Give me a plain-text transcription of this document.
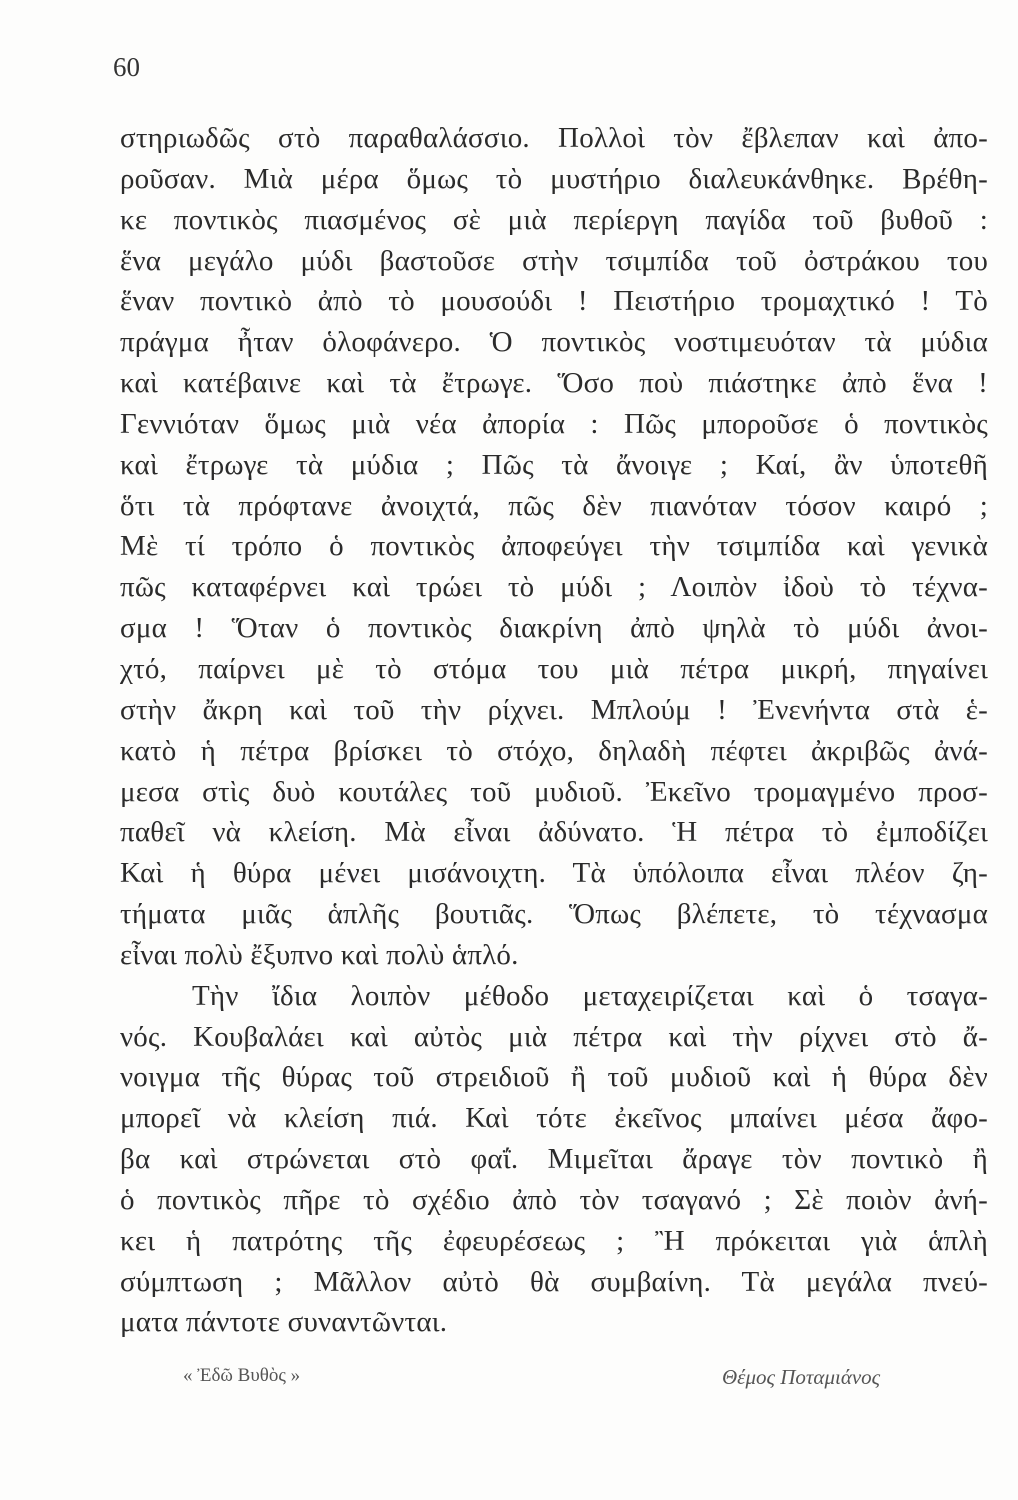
60
στηριωδῶς στὸ παραθαλάσσιο. Πολλοὶ τὸν ἔβλεπαν καὶ ἀπο-
ροῦσαν. Μιὰ μέρα ὅμως τὸ μυστήριο διαλευκάνθηκε. Βρέθη-
κε ποντικὸς πιασμένος σὲ μιὰ περίεργη παγίδα τοῦ βυθοῦ :
ἕνα μεγάλο μύδι βαστοῦσε στὴν τσιμπίδα τοῦ ὀστράκου του
ἕναν ποντικὸ ἀπὸ τὸ μουσούδι ! Πειστήριο τρομαχτικό ! Τὸ
πράγμα ἦταν ὁλοφάνερο. Ὁ ποντικὸς νοστιμευόταν τὰ μύδια
καὶ κατέβαινε καὶ τὰ ἔτρωγε. Ὅσο ποὺ πιάστηκε ἀπὸ ἕνα !
Γεννιόταν ὅμως μιὰ νέα ἀπορία : Πῶς μποροῦσε ὁ ποντικὸς
καὶ ἔτρωγε τὰ μύδια ; Πῶς τὰ ἄνοιγε ; Καί, ἂν ὑποτεθῆ
ὅτι τὰ πρόφτανε ἀνοιχτά, πῶς δὲν πιανόταν τόσον καιρό ;
Μὲ τί τρόπο ὁ ποντικὸς ἀποφεύγει τὴν τσιμπίδα καὶ γενικὰ
πῶς καταφέρνει καὶ τρώει τὸ μύδι ; Λοιπὸν ἰδοὺ τὸ τέχνα-
σμα ! Ὅταν ὁ ποντικὸς διακρίνη ἀπὸ ψηλὰ τὸ μύδι ἀνοι-
χτό, παίρνει μὲ τὸ στόμα του μιὰ πέτρα μικρή, πηγαίνει
στὴν ἄκρη καὶ τοῦ τὴν ρίχνει. Μπλούμ ! Ἐνενήντα στὰ ἑ-
κατὸ ἡ πέτρα βρίσκει τὸ στόχο, δηλαδὴ πέφτει ἀκριβῶς ἀνά-
μεσα στὶς δυὸ κουτάλες τοῦ μυδιοῦ. Ἐκεῖνο τρομαγμένο προσ-
παθεῖ νὰ κλείση. Μὰ εἶναι ἀδύνατο. Ἡ πέτρα τὸ ἐμποδίζει
Καὶ ἡ θύρα μένει μισάνοιχτη. Τὰ ὑπόλοιπα εἶναι πλέον ζη-
τήματα μιᾶς ἁπλῆς βουτιᾶς. Ὅπως βλέπετε, τὸ τέχνασμα
εἶναι πολὺ ἔξυπνο καὶ πολὺ ἁπλό.
Τὴν ἴδια λοιπὸν μέθοδο μεταχειρίζεται καὶ ὁ τσαγα-
νός. Κουβαλάει καὶ αὐτὸς μιὰ πέτρα καὶ τὴν ρίχνει στὸ ἄ-
νοιγμα τῆς θύρας τοῦ στρειδιοῦ ἢ τοῦ μυδιοῦ καὶ ἡ θύρα δὲν
μπορεῖ νὰ κλείση πιά. Καὶ τότε ἐκεῖνος μπαίνει μέσα ἄφο-
βα καὶ στρώνεται στὸ φαΐ. Μιμεῖται ἄραγε τὸν ποντικὸ ἢ
ὁ ποντικὸς πῆρε τὸ σχέδιο ἀπὸ τὸν τσαγανό ; Σὲ ποιὸν ἀνή-
κει ἡ πατρότης τῆς ἐφευρέσεως ; Ἢ πρόκειται γιὰ ἁπλὴ
σύμπτωση ; Μᾶλλον αὐτὸ θὰ συμβαίνη. Τὰ μεγάλα πνεύ-
ματα πάντοτε συναντῶνται.
« Ἐδῶ Βυθὸς »	Θέμος Ποταμιάνος
